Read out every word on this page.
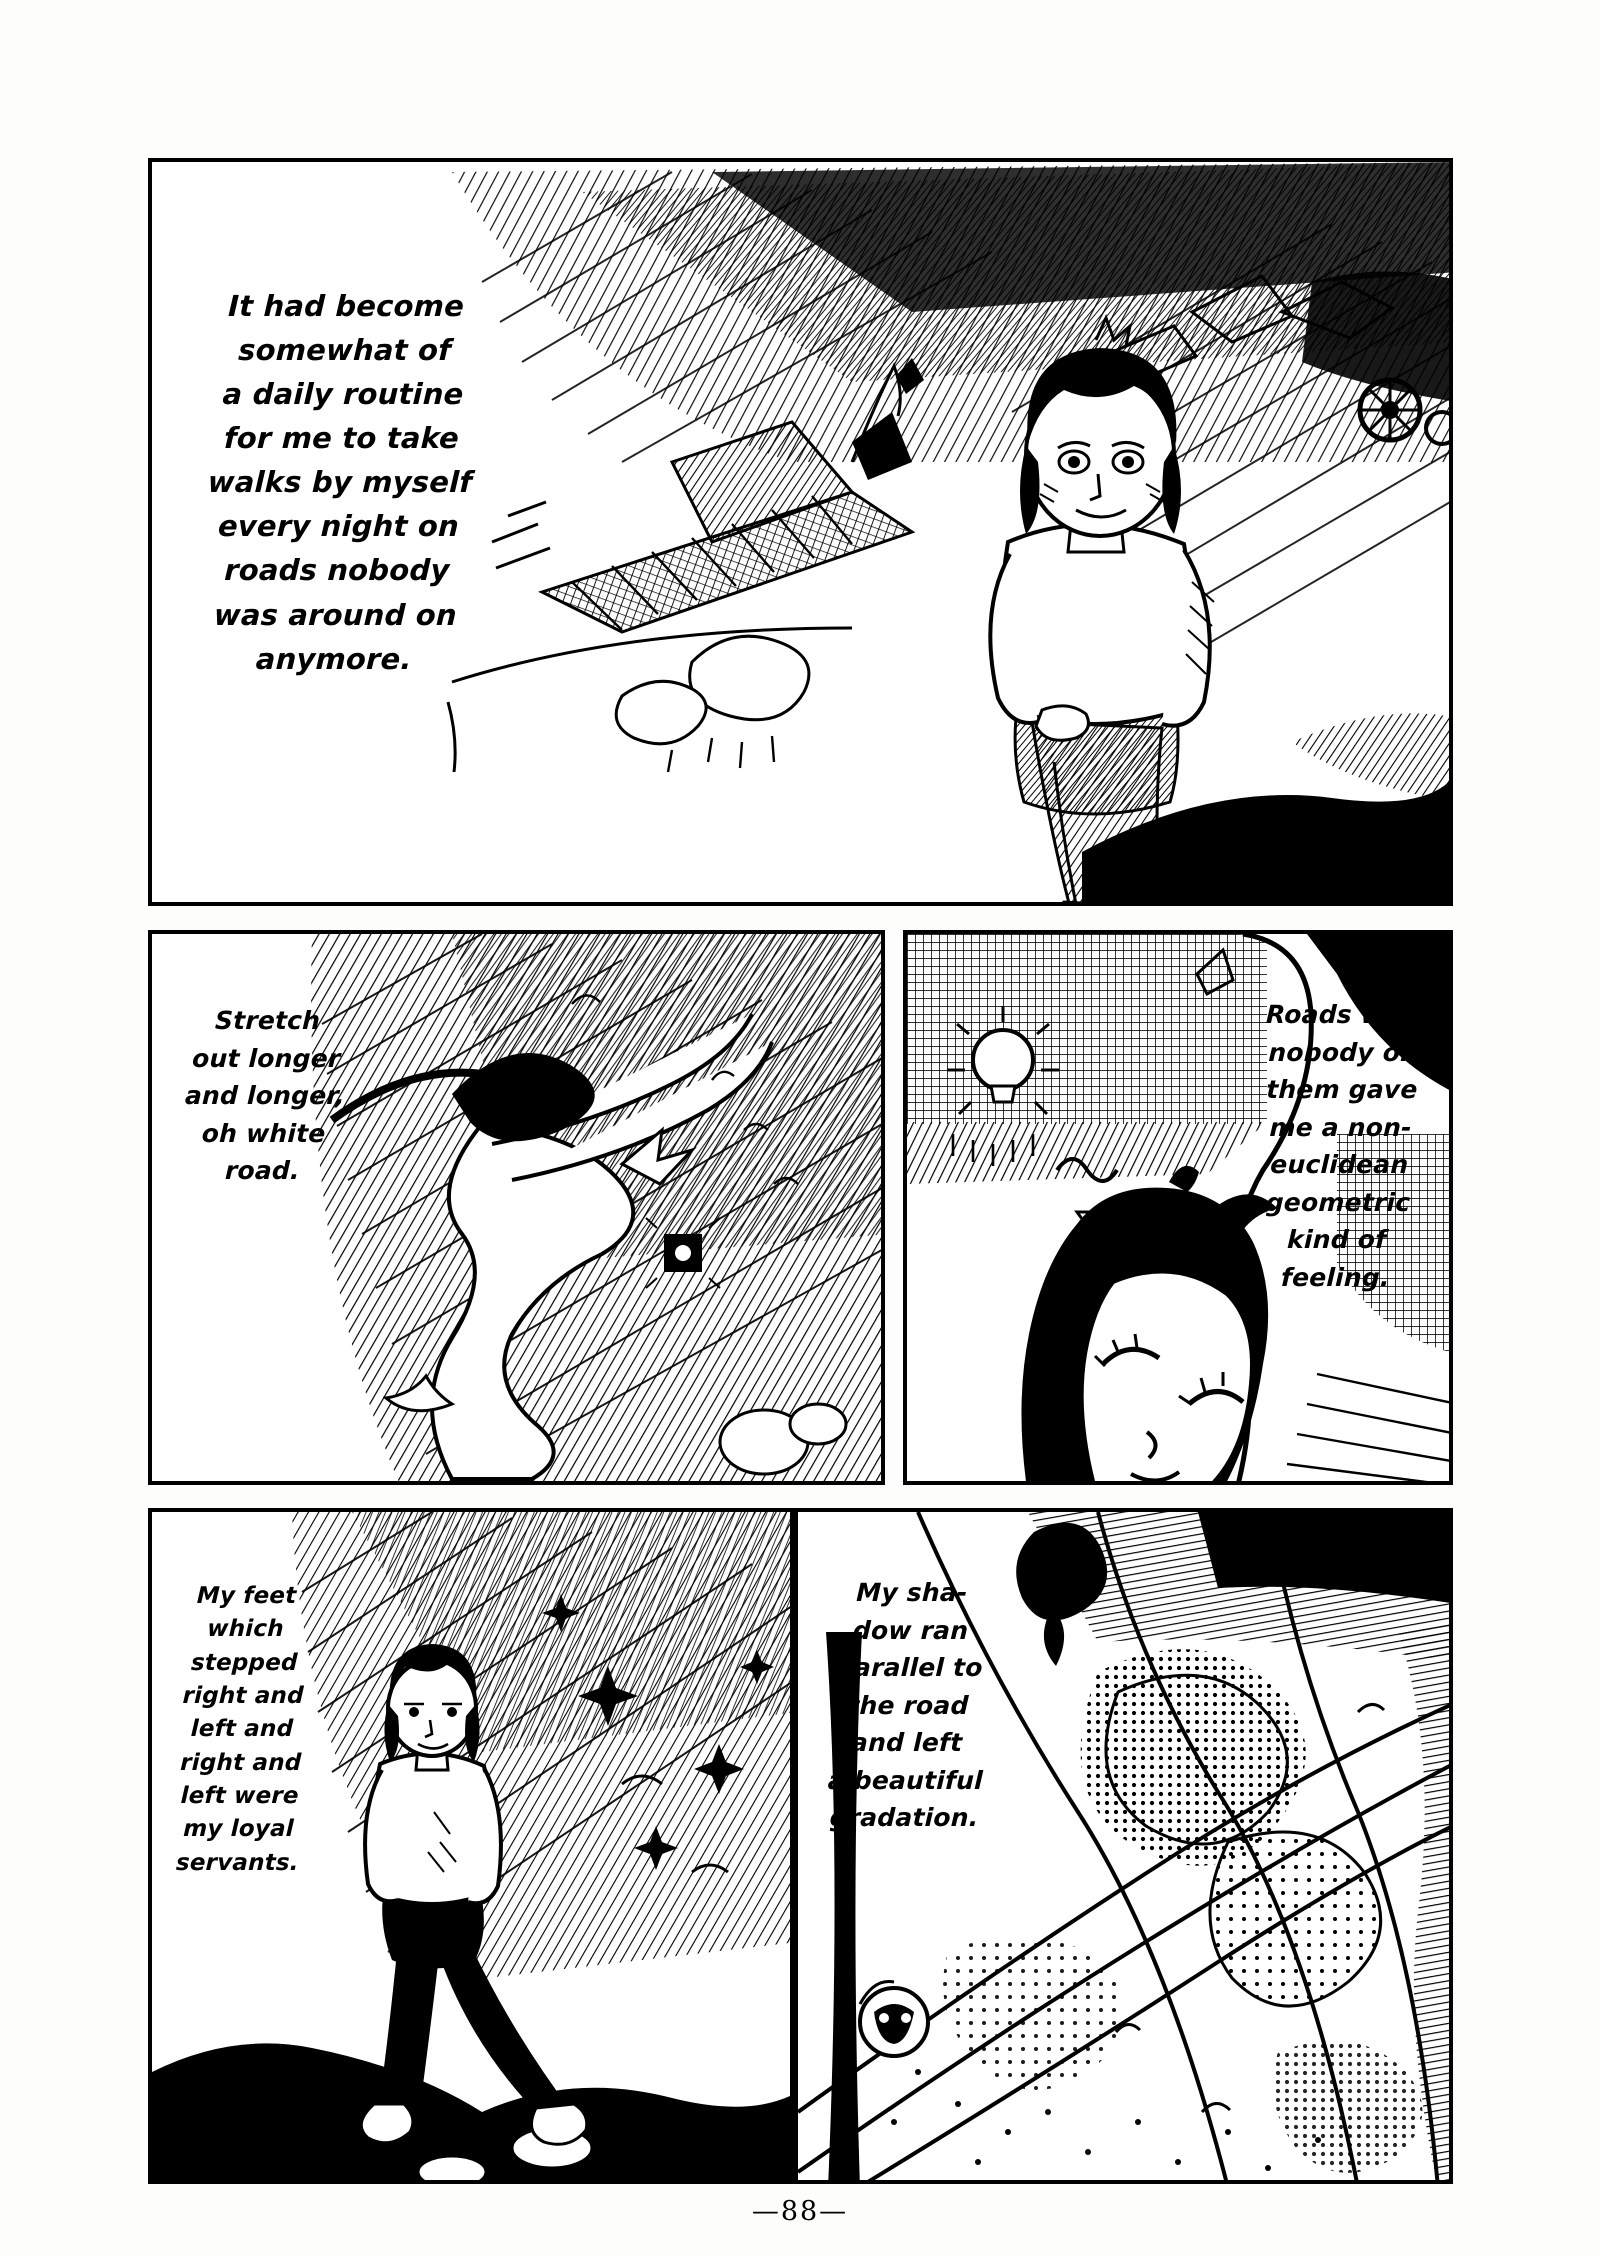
It had become
somewhat of
a daily routine
for me to take
walks by myself
every night on
roads nobody
was around on
anymore.
Stretch
out longer
and longer,
oh white
road.
Roads with
nobody on
them gave
me a non-
euclidean
geometric
kind of
feeling.
My feet
which
stepped
right and
left and
right and
left were
my loyal
servants.
My sha-
dow ran
parallel to
the road
and left
a beautiful
gradation.
—88—
